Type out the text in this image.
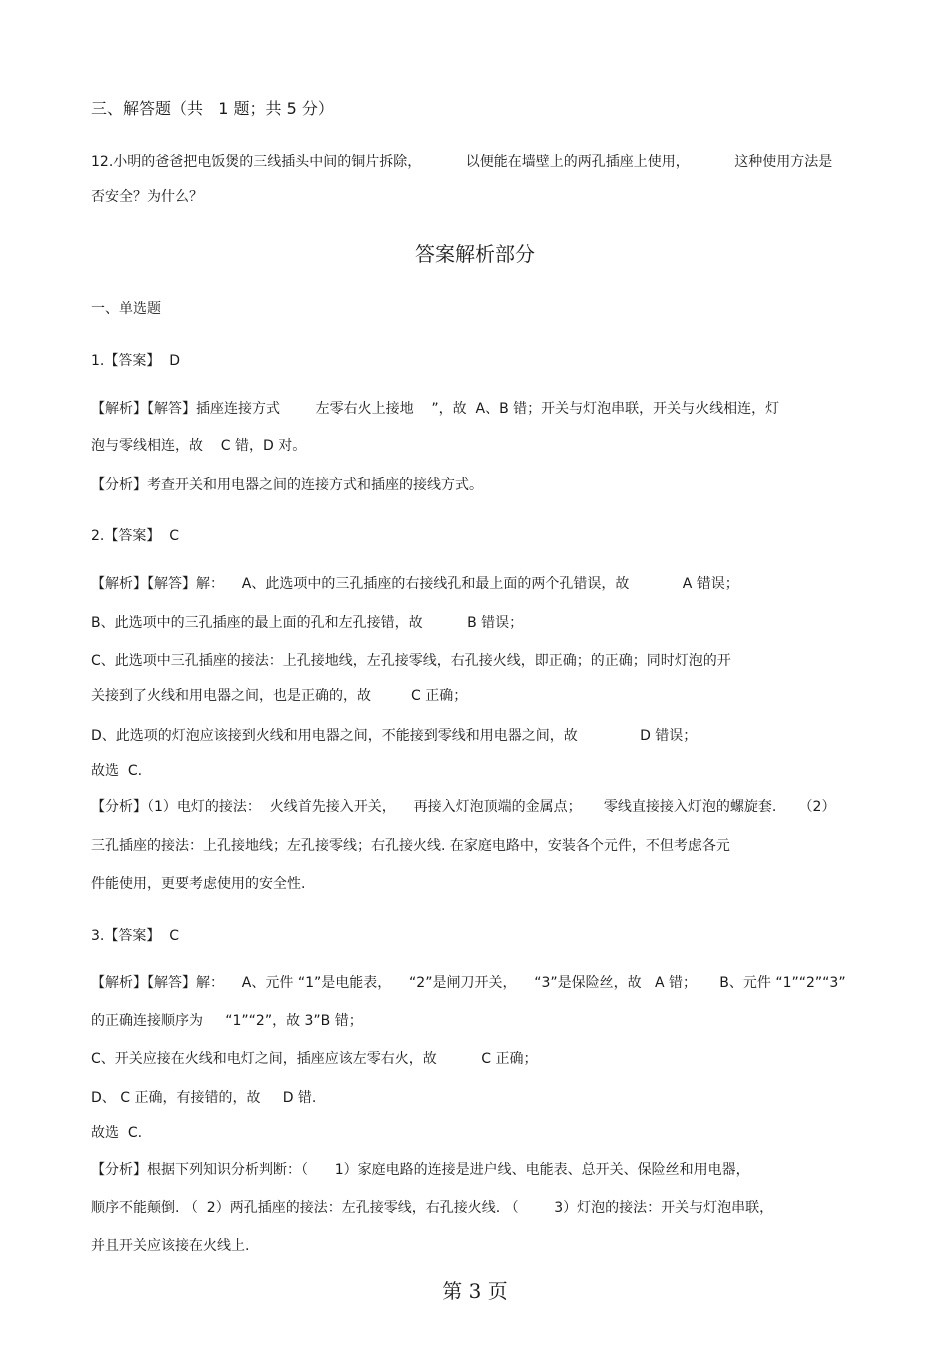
三、解答题（共   1 题；共 5 分）
12.小明的爸爸把电饭煲的三线插头中间的铜片拆除，          以便能在墙壁上的两孔插座上使用，          这种使用方法是
否安全？为什么？
答案解析部分
一、单选题
1.【答案】  D
【解析】【解答】插座连接方式        左零右火上接地    ”，故  A、B 错；开关与灯泡串联，开关与火线相连，灯
泡与零线相连，故    C 错，D 对。
【分析】考查开关和用电器之间的连接方式和插座的接线方式。
2.【答案】  C
【解析】【解答】解：    A、此选项中的三孔插座的右接线孔和最上面的两个孔错误，故            A 错误；
B、此选项中的三孔插座的最上面的孔和左孔接错，故          B 错误；
C、此选项中三孔插座的接法：上孔接地线，左孔接零线，右孔接火线，即正确；的正确；同时灯泡的开
关接到了火线和用电器之间，也是正确的，故         C 正确；
D、此选项的灯泡应该接到火线和用电器之间，不能接到零线和用电器之间，故              D 错误；
故选  C.
【分析】（1）电灯的接法：  火线首先接入开关，    再接入灯泡顶端的金属点；     零线直接接入灯泡的螺旋套.     （2）
三孔插座的接法：上孔接地线；左孔接零线；右孔接火线. 在家庭电路中，安装各个元件，不但考虑各元
件能使用，更要考虑使用的安全性.
3.【答案】  C
【解析】【解答】解：    A、元件 “1”是电能表，    “2”是闸刀开关，    “3”是保险丝，故   A 错；     B、元件 “1”“2”“3”
的正确连接顺序为     “1”“2”，故 3”B 错；
C、开关应接在火线和电灯之间，插座应该左零右火，故          C 正确；
D、 C 正确，有接错的，故     D 错.
故选  C.
【分析】根据下列知识分析判断：（      1）家庭电路的连接是进户线、电能表、总开关、保险丝和用电器，
顺序不能颠倒. （  2）两孔插座的接法：左孔接零线，右孔接火线. （        3）灯泡的接法：开关与灯泡串联，
并且开关应该接在火线上.
第 3 页
